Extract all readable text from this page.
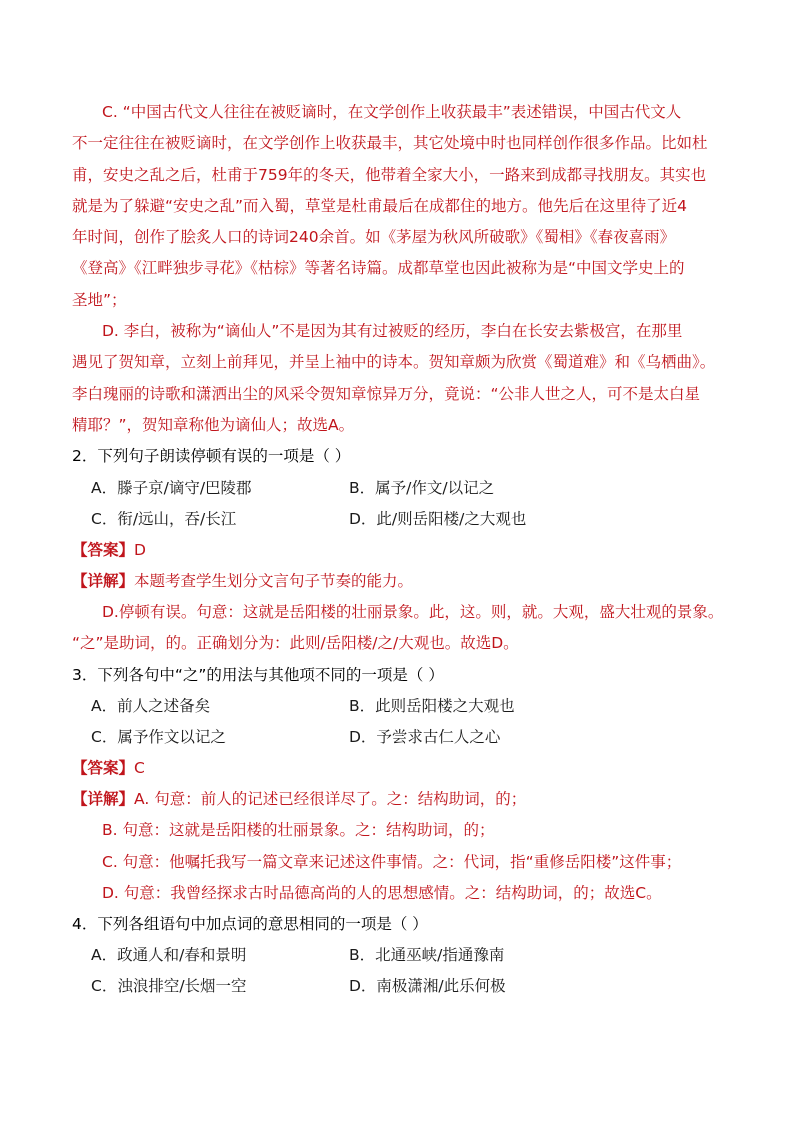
C. “中国古代文人往往在被贬谪时，在文学创作上收获最丰”表述错误，中国古代文人
不一定往往在被贬谪时，在文学创作上收获最丰，其它处境中时也同样创作很多作品。比如杜
甫，安史之乱之后，杜甫于759年的冬天，他带着全家大小，一路来到成都寻找朋友。其实也
就是为了躲避“安史之乱”而入蜀，草堂是杜甫最后在成都住的地方。他先后在这里待了近4
年时间，创作了脍炙人口的诗词240余首。如《茅屋为秋风所破歌》《蜀相》《春夜喜雨》
《登高》《江畔独步寻花》《枯棕》等著名诗篇。成都草堂也因此被称为是“中国文学史上的
圣地”；
D. 李白，被称为“谪仙人”不是因为其有过被贬的经历，李白在长安去紫极宫，在那里
遇见了贺知章，立刻上前拜见，并呈上袖中的诗本。贺知章颇为欣赏《蜀道难》和《乌栖曲》。
李白瑰丽的诗歌和潇洒出尘的风采令贺知章惊异万分，竟说：“公非人世之人，可不是太白星
精耶？”，贺知章称他为谪仙人；故选A。
2．下列句子朗读停顿有误的一项是（ ）
A．滕子京/谪守/巴陵郡	B．属予/作文/以记之
C．衔/远山，吞/长江	D．此/则岳阳楼/之大观也
【答案】D
【详解】本题考查学生划分文言句子节奏的能力。
D.停顿有误。句意：这就是岳阳楼的壮丽景象。此，这。则，就。大观，盛大壮观的景象。
“之”是助词，的。正确划分为：此则/岳阳楼/之/大观也。故选D。
3．下列各句中“之”的用法与其他项不同的一项是（ ）
A．前人之述备矣	B．此则岳阳楼之大观也
C．属予作文以记之	D．予尝求古仁人之心
【答案】C
【详解】A. 句意：前人的记述已经很详尽了。之：结构助词，的；
B. 句意：这就是岳阳楼的壮丽景象。之：结构助词，的；
C. 句意：他嘱托我写一篇文章来记述这件事情。之：代词，指“重修岳阳楼”这件事；
D. 句意：我曾经探求古时品德高尚的人的思想感情。之：结构助词，的；故选C。
4．下列各组语句中加点词的意思相同的一项是（ ）
A．政通人和/春和景明	B．北通巫峡/指通豫南
C．浊浪排空/长烟一空	D．南极潇湘/此乐何极
